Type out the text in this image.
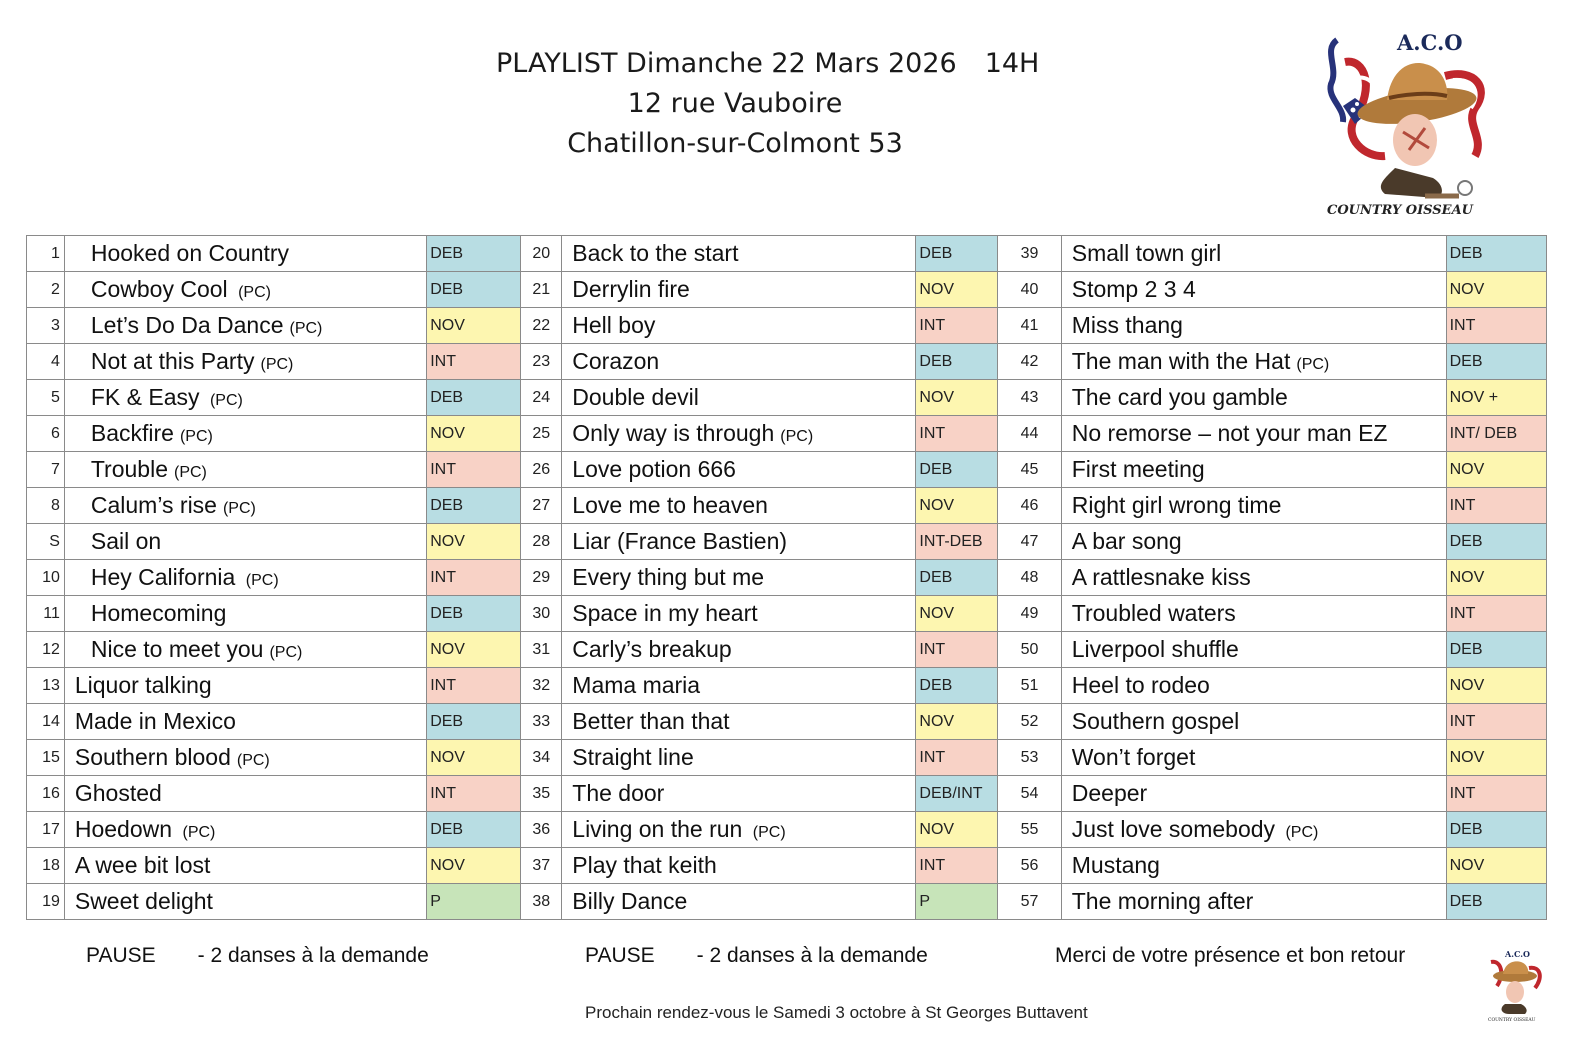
PLAYLIST Dimanche 22 Mars 2026 14H
12 rue Vauboire
Chatillon-sur-Colmont 53
A.C.O
COUNTRY OISSEAU
1	Hooked on Country	DEB	20	Back to the start	DEB	39	Small town girl	DEB
2	Cowboy Cool (PC)	DEB	21	Derrylin fire	NOV	40	Stomp 2 3 4	NOV
3	Let’s Do Da Dance (PC)	NOV	22	Hell boy	INT	41	Miss thang	INT
4	Not at this Party (PC)	INT	23	Corazon	DEB	42	The man with the Hat (PC)	DEB
5	FK & Easy (PC)	DEB	24	Double devil	NOV	43	The card you gamble	NOV +
6	Backfire (PC)	NOV	25	Only way is through (PC)	INT	44	No remorse – not your man EZ	INT/ DEB
7	Trouble (PC)	INT	26	Love potion 666	DEB	45	First meeting	NOV
8	Calum’s rise (PC)	DEB	27	Love me to heaven	NOV	46	Right girl wrong time	INT
S	Sail on	NOV	28	Liar (France Bastien)	INT-DEB	47	A bar song	DEB
10	Hey California (PC)	INT	29	Every thing but me	DEB	48	A rattlesnake kiss	NOV
11	Homecoming	DEB	30	Space in my heart	NOV	49	Troubled waters	INT
12	Nice to meet you (PC)	NOV	31	Carly’s breakup	INT	50	Liverpool shuffle	DEB
13	Liquor talking	INT	32	Mama maria	DEB	51	Heel to rodeo	NOV
14	Made in Mexico	DEB	33	Better than that	NOV	52	Southern gospel	INT
15	Southern blood (PC)	NOV	34	Straight line	INT	53	Won’t forget	NOV
16	Ghosted	INT	35	The door	DEB/INT	54	Deeper	INT
17	Hoedown (PC)	DEB	36	Living on the run (PC)	NOV	55	Just love somebody (PC)	DEB
18	A wee bit lost	NOV	37	Play that keith	INT	56	Mustang	NOV
19	Sweet delight	P	38	Billy Dance	P	57	The morning after	DEB
PAUSE - 2 danses à la demande	PAUSE - 2 danses à la demande	Merci de votre présence et bon retour	A.C.O
COUNTRY OISSEAU
Prochain rendez-vous le Samedi 3 octobre à St Georges Buttavent
